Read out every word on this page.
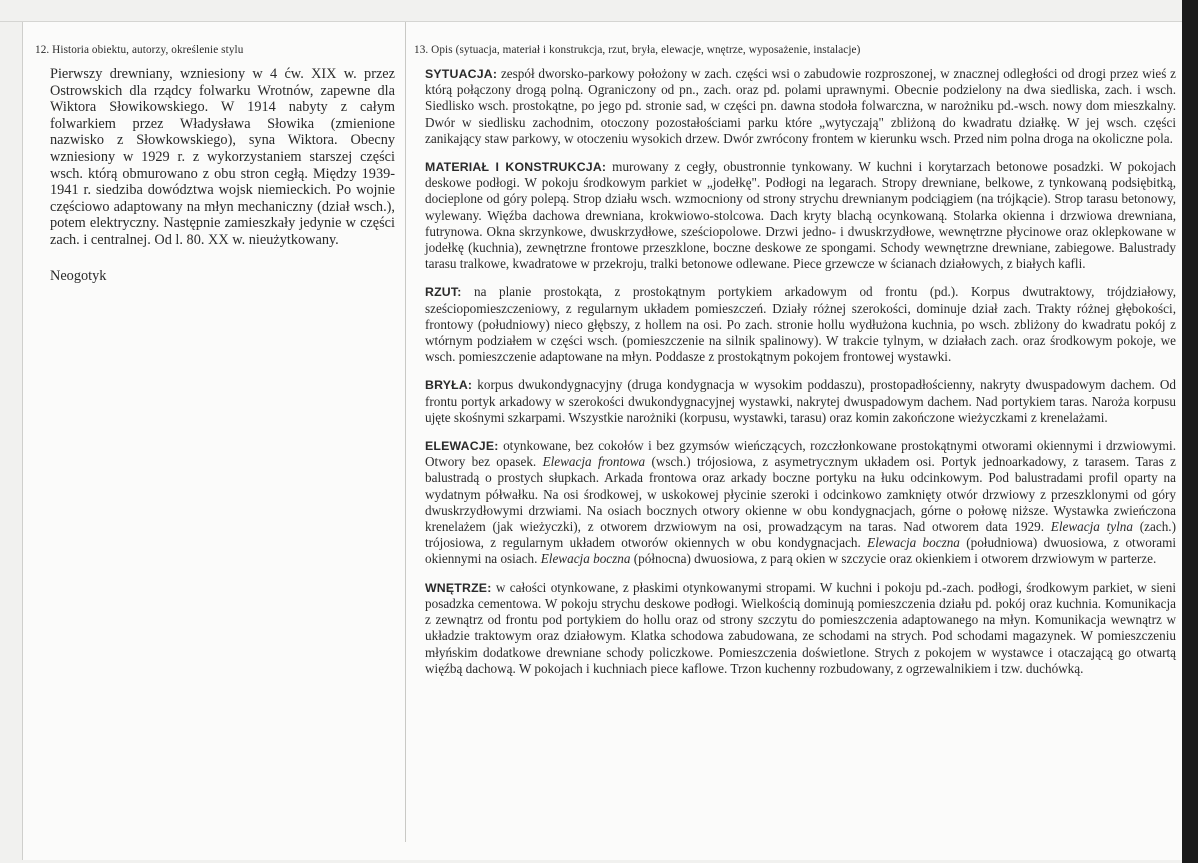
12. Historia obiektu, autorzy, określenie stylu

Pierwszy drewniany, wzniesiony w 4 ćw. XIX w. przez Ostrowskich dla rządcy folwarku Wrotnów, zapewne dla Wiktora Słowikowskiego. W 1914 nabyty z całym folwarkiem przez Władysława Słowika (zmienione nazwisko z Słowkowskiego), syna Wiktora. Obecny wzniesiony w 1929 r. z wykorzystaniem starszej części wsch. którą obmurowano z obu stron cegłą. Między 1939-1941 r. siedziba dowództwa wojsk niemieckich. Po wojnie częściowo adaptowany na młyn mechaniczny (dział wsch.), potem elektryczny. Następnie zamieszkały jedynie w części zach. i centralnej. Od l. 80. XX w. nieużytkowany.

Neogotyk
13. Opis (sytuacja, materiał i konstrukcja, rzut, bryła, elewacje, wnętrze, wyposażenie, instalacje)

SYTUACJA: zespół dworsko-parkowy położony w zach. części wsi o zabudowie rozproszonej, w znacznej odległości od drogi przez wieś z którą połączony drogą polną. Ograniczony od pn., zach. oraz pd. polami uprawnymi. Obecnie podzielony na dwa siedliska, zach. i wsch. Siedlisko wsch. prostokątne, po jego pd. stronie sad, w części pn. dawna stodoła folwarczna, w narożniku pd.-wsch. nowy dom mieszkalny. Dwór w siedlisku zachodnim, otoczony pozostałościami parku które „wytyczają" zbliżoną do kwadratu działkę. W jej wsch. części zanikający staw parkowy, w otoczeniu wysokich drzew. Dwór zwrócony frontem w kierunku wsch. Przed nim polna droga na okoliczne pola.

MATERIAŁ I KONSTRUKCJA: murowany z cegły, obustronnie tynkowany. W kuchni i korytarzach betonowe posadzki. W pokojach deskowe podłogi. W pokoju środkowym parkiet w „jodełkę". Podłogi na legarach. Stropy drewniane, belkowe, z tynkowaną podsiębitką, docieplone od góry polepą. Strop działu wsch. wzmocniony od strony strychu drewnianym podciągiem (na trójkącie). Strop tarasu betonowy, wylewany. Więźba dachowa drewniana, krokwiowo-stolcowa. Dach kryty blachą ocynkowaną. Stolarka okienna i drzwiowa drewniana, futrynowa. Okna skrzynkowe, dwuskrzydłowe, sześciopolowe. Drzwi jedno- i dwuskrzydłowe, wewnętrzne płycinowe oraz oklepkowane w jodełkę (kuchnia), zewnętrzne frontowe przeszklone, boczne deskowe ze spongami. Schody wewnętrzne drewniane, zabiegowe. Balustrady tarasu tralkowe, kwadratowe w przekroju, tralki betonowe odlewane. Piece grzewcze w ścianach działowych, z białych kafli.

RZUT: na planie prostokąta, z prostokątnym portykiem arkadowym od frontu (pd.). Korpus dwutraktowy, trójdziałowy, sześciopomieszczeniowy, z regularnym układem pomieszczeń. Działy różnej szerokości, dominuje dział zach. Trakty różnej głębokości, frontowy (południowy) nieco głębszy, z hollem na osi. Po zach. stronie hollu wydłużona kuchnia, po wsch. zbliżony do kwadratu pokój z wtórnym podziałem w części wsch. (pomieszczenie na silnik spalinowy). W trakcie tylnym, w działach zach. oraz środkowym pokoje, we wsch. pomieszczenie adaptowane na młyn. Poddasze z prostokątnym pokojem frontowej wystawki.

BRYŁA: korpus dwukondygnacyjny (druga kondygnacja w wysokim poddaszu), prostopadłościenny, nakryty dwuspadowym dachem. Od frontu portyk arkadowy w szerokości dwukondygnacyjnej wystawki, nakrytej dwuspadowym dachem. Nad portykiem taras. Naroża korpusu ujęte skośnymi szkarpami. Wszystkie narożniki (korpusu, wystawki, tarasu) oraz komin zakończone wieżyczkami z krenelażami.

ELEWACJE: otynkowane, bez cokołów i bez gzymsów wieńczących, rozczłonkowane prostokątnymi otworami okiennymi i drzwiowymi. Otwory bez opasek. Elewacja frontowa (wsch.) trójosiowa, z asymetrycznym układem osi. Portyk jednoarkadowy, z tarasem. Taras z balustradą o prostych słupkach. Arkada frontowa oraz arkady boczne portyku na łuku odcinkowym. Pod balustradami profil oparty na wydatnym półwałku. Na osi środkowej, w uskokowej płycinie szeroki i odcinkowo zamknięty otwór drzwiowy z przeszklonymi od góry dwuskrzydłowymi drzwiami. Na osiach bocznych otwory okienne w obu kondygnacjach, górne o połowę niższe. Wystawka zwieńczona krenelażem (jak wieżyczki), z otworem drzwiowym na osi, prowadzącym na taras. Nad otworem data 1929. Elewacja tylna (zach.) trójosiowa, z regularnym układem otworów okiennych w obu kondygnacjach. Elewacja boczna (południowa) dwuosiowa, z otworami okiennymi na osiach. Elewacja boczna (północna) dwuosiowa, z parą okien w szczycie oraz okienkiem i otworem drzwiowym w parterze.

WNĘTRZE: w całości otynkowane, z płaskimi otynkowanymi stropami. W kuchni i pokoju pd.-zach. podłogi, środkowym parkiet, w sieni posadzka cementowa. W pokoju strychu deskowe podłogi. Wielkością dominują pomieszczenia działu pd. pokój oraz kuchnia. Komunikacja z zewnątrz od frontu pod portykiem do hollu oraz od strony szczytu do pomieszczenia adaptowanego na młyn. Komunikacja wewnątrz w układzie traktowym oraz działowym. Klatka schodowa zabudowana, ze schodami na strych. Pod schodami magazynek. W pomieszczeniu młyńskim dodatkowe drewniane schody policzkowe. Pomieszczenia doświetlone. Strych z pokojem w wystawce i otaczającą go otwartą więźbą dachową. W pokojach i kuchniach piece kaflowe. Trzon kuchenny rozbudowany, z ogrzewalnikiem i tzw. duchówką.
